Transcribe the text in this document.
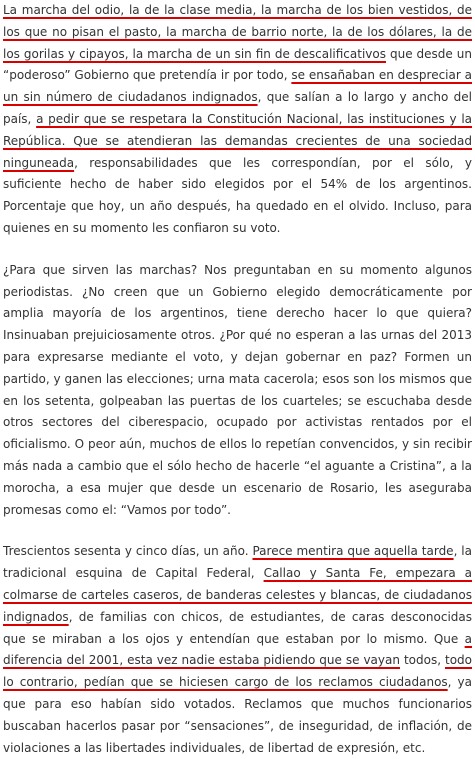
La marcha del odio, la de la clase media, la marcha de los bien vestidos, de los que no pisan el pasto, la marcha de barrio norte, la de los dólares, la de los gorilas y cipayos, la marcha de un sin fin de descalificativos que desde un “poderoso” Gobierno que pretendía ir por todo, se ensañaban en despreciar a un sin número de ciudadanos indignados, que salían a lo largo y ancho del país, a pedir que se respetara la Constitución Nacional, las instituciones y la República. Que se atendieran las demandas crecientes de una sociedad ninguneada, responsabilidades que les correspondían, por el sólo, y suficiente hecho de haber sido elegidos por el 54% de los argentinos. Porcentaje que hoy, un año después, ha quedado en el olvido. Incluso, para quienes en su momento les confiaron su voto.

¿Para que sirven las marchas? Nos preguntaban en su momento algunos periodistas. ¿No creen que un Gobierno elegido democráticamente por amplia mayoría de los argentinos, tiene derecho hacer lo que quiera? Insinuaban prejuiciosamente otros. ¿Por qué no esperan a las urnas del 2013 para expresarse mediante el voto, y dejan gobernar en paz? Formen un partido, y ganen las elecciones; urna mata cacerola; esos son los mismos que en los setenta, golpeaban las puertas de los cuarteles; se escuchaba desde otros sectores del ciberespacio, ocupado por activistas rentados por el oficialismo. O peor aún, muchos de ellos lo repetían convencidos, y sin recibir más nada a cambio que el sólo hecho de hacerle “el aguante a Cristina”, a la morocha, a esa mujer que desde un escenario de Rosario, les aseguraba promesas como el: “Vamos por todo”.

Trescientos sesenta y cinco días, un año. Parece mentira que aquella tarde, la tradicional esquina de Capital Federal, Callao y Santa Fe, empezara a colmarse de carteles caseros, de banderas celestes y blancas, de ciudadanos indignados, de familias con chicos, de estudiantes, de caras desconocidas que se miraban a los ojos y entendían que estaban por lo mismo. Que a diferencia del 2001, esta vez nadie estaba pidiendo que se vayan todos, todo lo contrario, pedían que se hiciesen cargo de los reclamos ciudadanos, ya que para eso habían sido votados. Reclamos que muchos funcionarios buscaban hacerlos pasar por “sensaciones”, de inseguridad, de inflación, de violaciones a las libertades individuales, de libertad de expresión, etc.
